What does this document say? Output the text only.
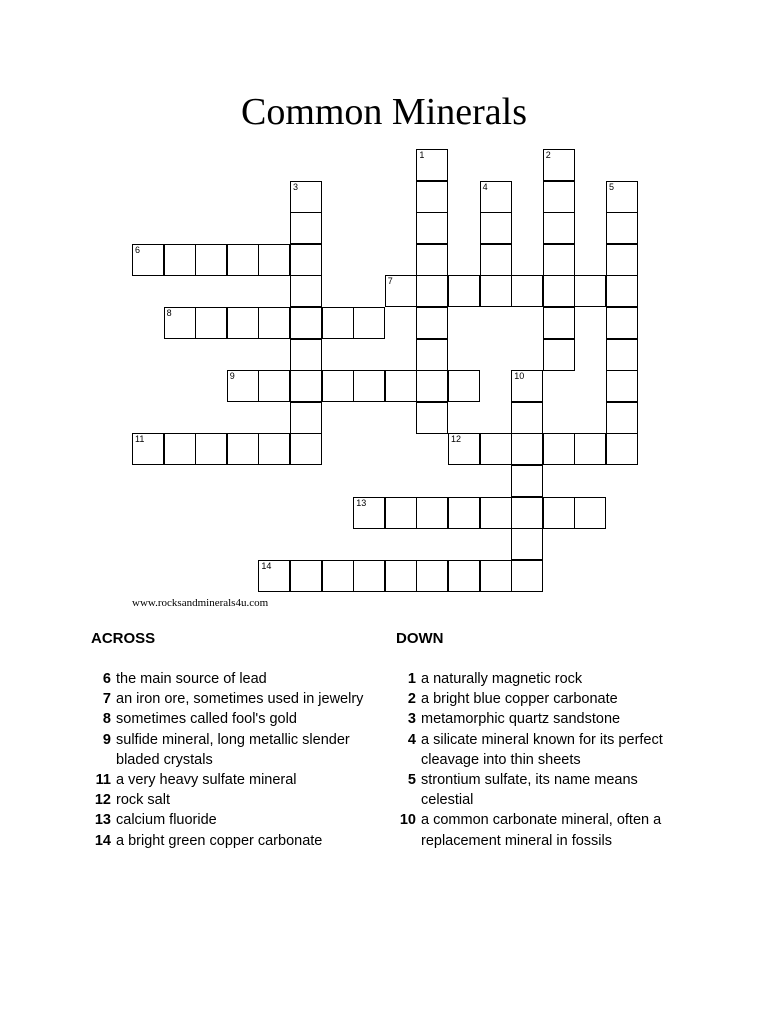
Common Minerals
1	2
3	4	5
6
7
8
9	10
11	12
13
14
www.rocksandminerals4u.com
ACROSS	DOWN
6 the main source of lead
7 an iron ore, sometimes used in jewelry
8 sometimes called fool's gold
9 sulfide mineral, long metallic slender bladed crystals
11 a very heavy sulfate mineral
12 rock salt
13 calcium fluoride
14 a bright green copper carbonate
1 a naturally magnetic rock
2 a bright blue copper carbonate
3 metamorphic quartz sandstone
4 a silicate mineral known for its perfect cleavage into thin sheets
5 strontium sulfate, its name means celestial
10 a common carbonate mineral, often a replacement mineral in fossils
